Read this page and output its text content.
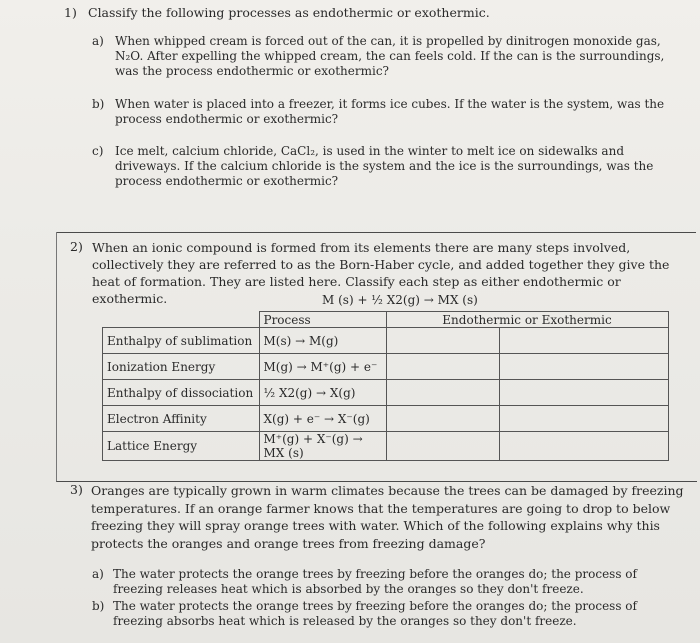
1) Classify the following processes as endothermic or exothermic.
a) When whipped cream is forced out of the can, it is propelled by dinitrogen monoxide gas, N₂O. After expelling the whipped cream, the can feels cold. If the can is the surroundings, was the process endothermic or exothermic?
b) When water is placed into a freezer, it forms ice cubes. If the water is the system, was the process endothermic or exothermic?
c) Ice melt, calcium chloride, CaCl₂, is used in the winter to melt ice on sidewalks and driveways. If the calcium chloride is the system and the ice is the surroundings, was the process endothermic or exothermic?
2) When an ionic compound is formed from its elements there are many steps involved, collectively they are referred to as the Born-Haber cycle, and added together they give the heat of formation. They are listed here. Classify each step as either endothermic or exothermic.	M (s) + ½ X2(g) → MX (s)
	Process	Endothermic or Exothermic	
Enthalpy of sublimation	M(s) → M(g)		
Ionization Energy	M(g) → M⁺(g) + e⁻		
Enthalpy of dissociation	½ X2(g) → X(g)		
Electron Affinity	X(g) + e⁻ → X⁻(g)		
Lattice Energy	M⁺(g) + X⁻(g) → MX (s)		
3) Oranges are typically grown in warm climates because the trees can be damaged by freezing temperatures. If an orange farmer knows that the temperatures are going to drop to below freezing they will spray orange trees with water. Which of the following explains why this protects the oranges and orange trees from freezing damage?
a) The water protects the orange trees by freezing before the oranges do; the process of freezing releases heat which is absorbed by the oranges so they don't freeze.
b) The water protects the orange trees by freezing before the oranges do; the process of freezing absorbs heat which is released by the oranges so they don't freeze.
